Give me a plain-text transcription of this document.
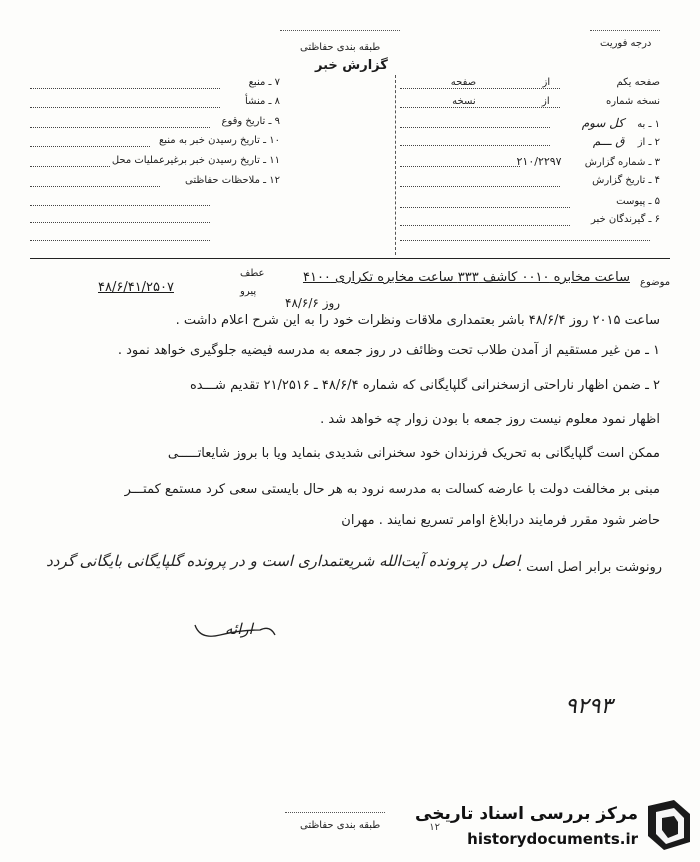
طبقه بندی حفاظتی
گزارش خبر
درجه فوریت
صفحه یکم  از  صفحه
نسخه شماره  از  نسخه
۱ ـ به کل سوم
۲ ـ از ق ـــم
۳ ـ شماره گزارش ۲۱۰/۲۲۹۷
۴ ـ تاریخ گزارش
۵ ـ پیوست
۶ ـ گیرندگان خبر
۷ ـ منبع
۸ ـ منشأ
۹ ـ تاریخ وقوع
۱۰ ـ تاریخ رسیدن خبر به منبع
۱۱ ـ تاریخ رسیدن خبر برغیرعملیات محل
۱۲ ـ ملاحظات حفاظتی
موضوع
ساعت مخابره ۰۰۱۰ کاشف ۳۳۳ ساعت مخابره تکراری ۴۱۰۰
عطف
پیرو
۴۸/۶/۴۱/۲۵۰۷
روز ۴۸/۶/۶
ساعت ۲۰۱۵ روز ۴۸/۶/۴ باشر بعتمداری ملاقات ونظرات خود را به این شرح اعلام داشت .
۱ ـ من غیر مستقیم از آمدن طلاب تحت وظائف در روز جمعه به مدرسه فیضیه جلوگیری خواهد نمود .
۲ ـ ضمن اظهار ناراحتی ازسخنرانی گلپایگانی که شماره ۴۸/۶/۴ ـ ۲۱/۲۵۱۶ تقدیم شـــده
اظهار نمود معلوم نیست روز جمعه با بودن زوار چه خواهد شد .
ممکن است گلپایگانی به تحریک فرزندان خود سخنرانی شدیدی بنماید ویا با بروز شایعاتـــــی
مبنی بر مخالفت دولت با عارضه کسالت به مدرسه نرود به هر حال بایستی سعی کرد مستمع کمتـــر
حاضر شود مقرر فرمایند درابلاغ اوامر تسریع نمایند . مهران
رونوشت برابر اصل است .
اصل در پرونده آیت‌الله شریعتمداری است و در پرونده گلپایگانی بایگانی گردد
ارائه
۹۲۹۳
طبقه بندی حفاظتی
مرکز بررسی اسناد تاریخی
historydocuments.ir
۱۲
